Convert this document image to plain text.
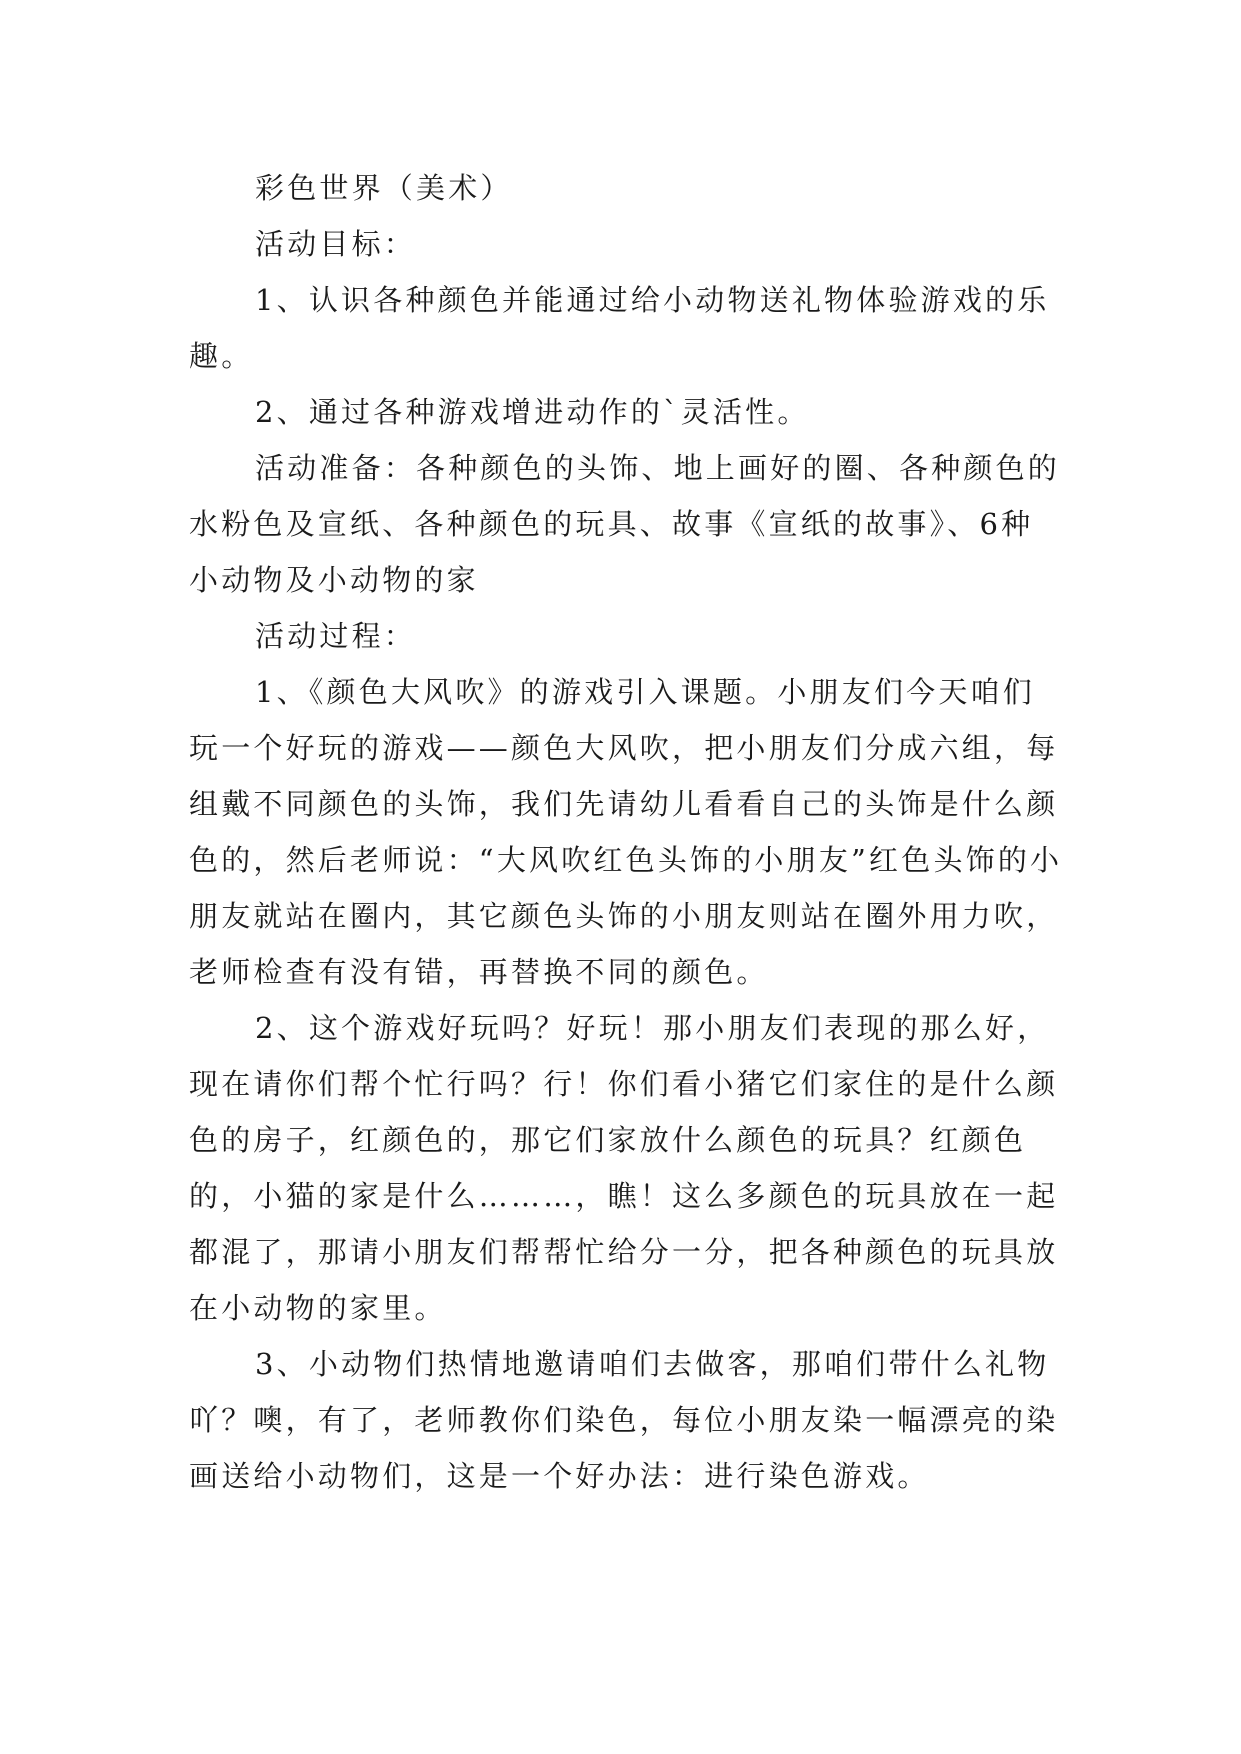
彩色世界（美术）

活动目标：

1、认识各种颜色并能通过给小动物送礼物体验游戏的乐趣。

2、通过各种游戏增进动作的`灵活性。

活动准备：各种颜色的头饰、地上画好的圈、各种颜色的水粉色及宣纸、各种颜色的玩具、故事《宣纸的故事》、6种小动物及小动物的家

活动过程：

1、《颜色大风吹》的游戏引入课题。小朋友们今天咱们玩一个好玩的游戏——颜色大风吹，把小朋友们分成六组，每组戴不同颜色的头饰，我们先请幼儿看看自己的头饰是什么颜色的，然后老师说：“大风吹红色头饰的小朋友”红色头饰的小朋友就站在圈内，其它颜色头饰的小朋友则站在圈外用力吹，老师检查有没有错，再替换不同的颜色。

2、这个游戏好玩吗？好玩！那小朋友们表现的那么好，现在请你们帮个忙行吗？行！你们看小猪它们家住的是什么颜色的房子，红颜色的，那它们家放什么颜色的玩具？红颜色的，小猫的家是什么………，瞧！这么多颜色的玩具放在一起都混了，那请小朋友们帮帮忙给分一分，把各种颜色的玩具放在小动物的家里。

3、小动物们热情地邀请咱们去做客，那咱们带什么礼物吖？噢，有了，老师教你们染色，每位小朋友染一幅漂亮的染画送给小动物们，这是一个好办法：进行染色游戏。
